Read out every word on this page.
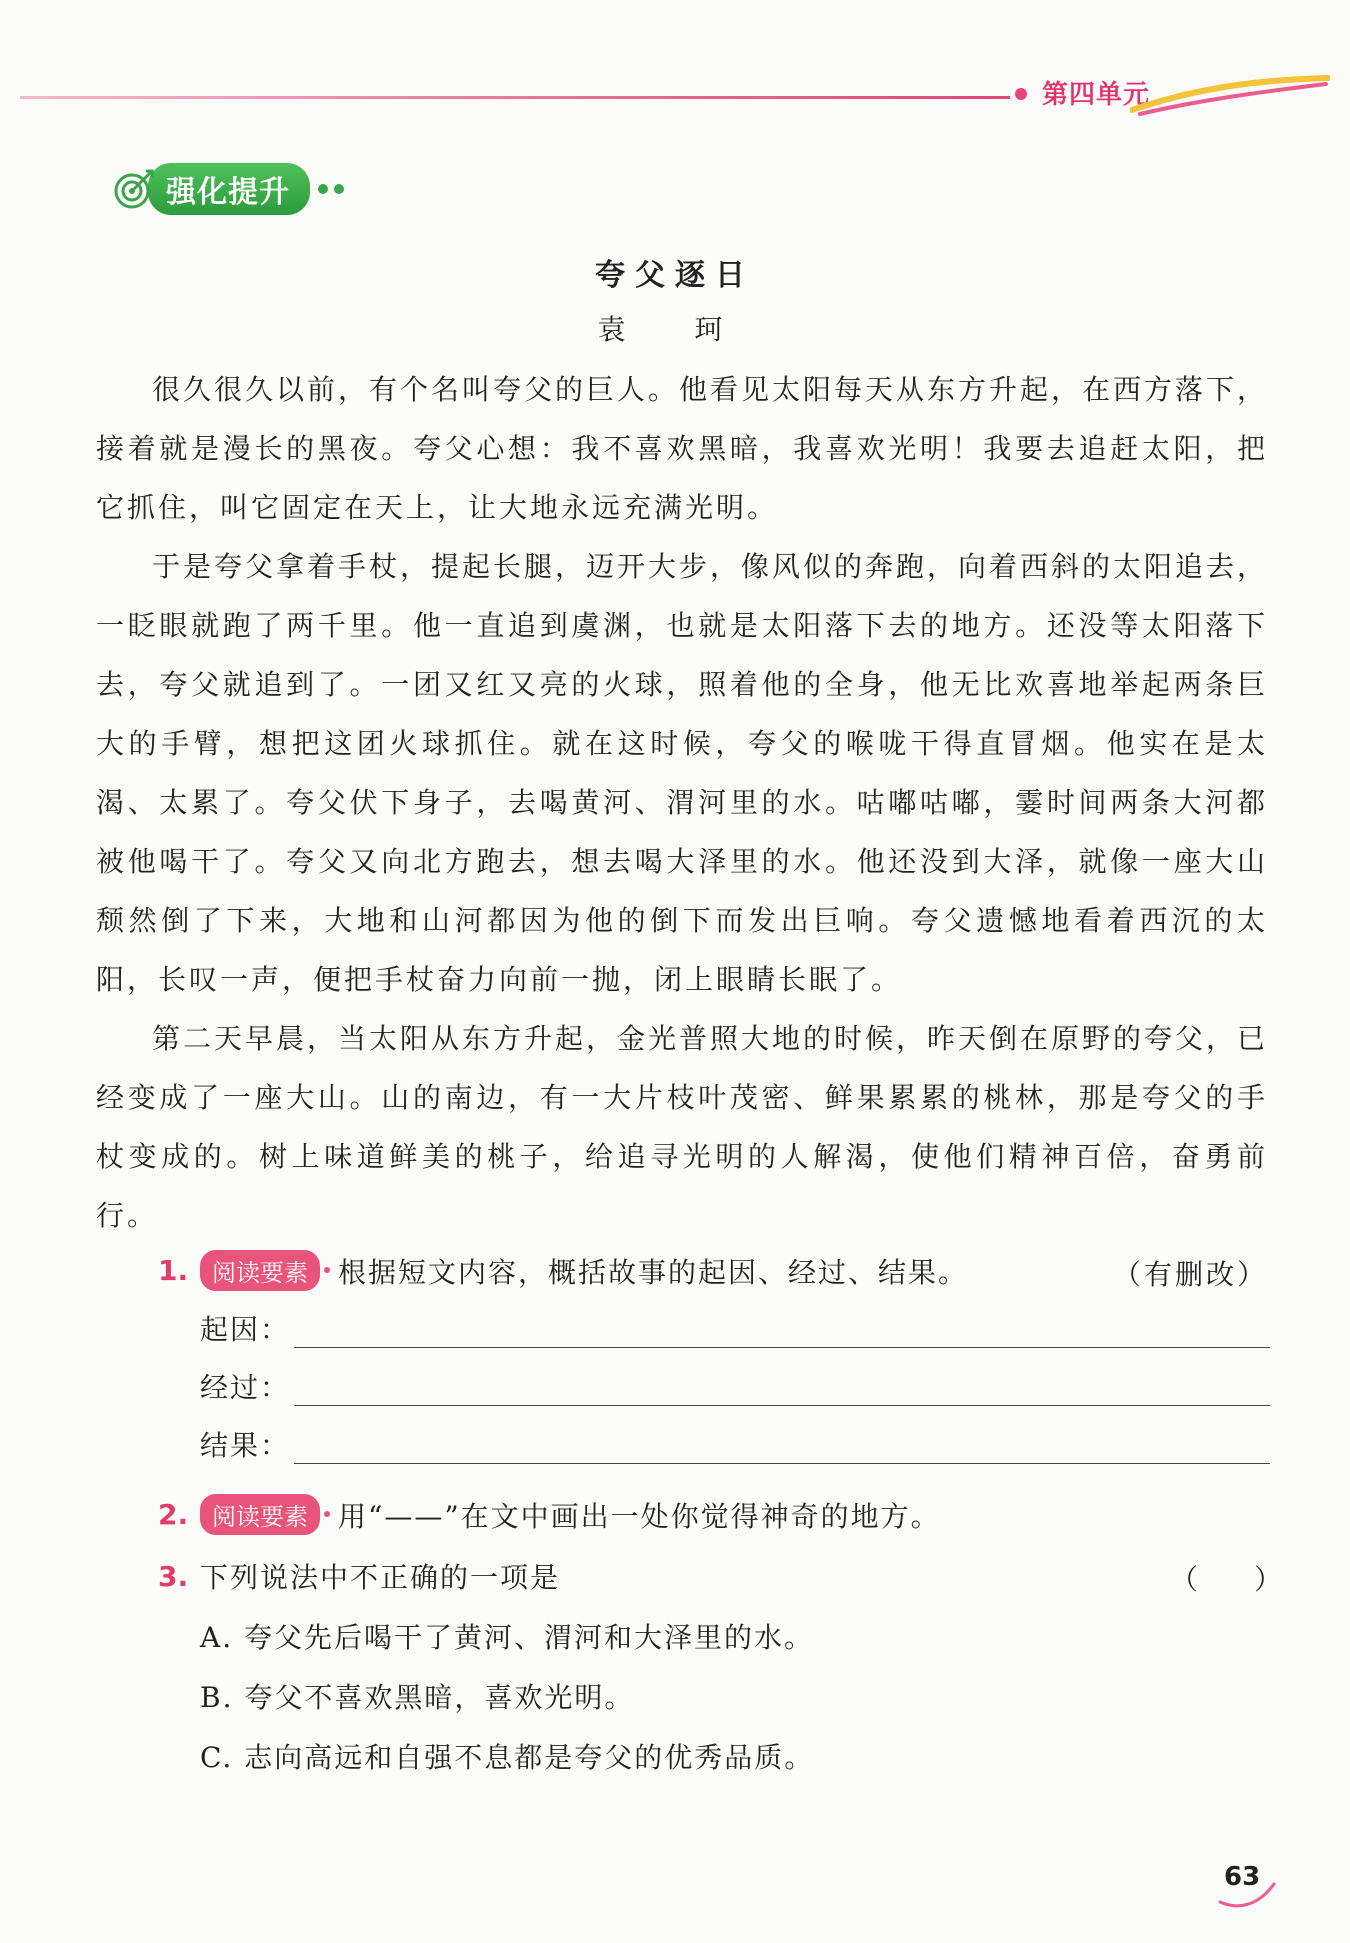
第四单元
强化提升
夸父逐日
袁 珂

很久很久以前，有个名叫夸父的巨人。他看见太阳每天从东方升起，在西方落下，接着就是漫长的黑夜。夸父心想：我不喜欢黑暗，我喜欢光明！我要去追赶太阳，把它抓住，叫它固定在天上，让大地永远充满光明。

于是夸父拿着手杖，提起长腿，迈开大步，像风似的奔跑，向着西斜的太阳追去，一眨眼就跑了两千里。他一直追到虞渊，也就是太阳落下去的地方。还没等太阳落下去，夸父就追到了。一团又红又亮的火球，照着他的全身，他无比欢喜地举起两条巨大的手臂，想把这团火球抓住。就在这时候，夸父的喉咙干得直冒烟。他实在是太渴、太累了。夸父伏下身子，去喝黄河、渭河里的水。咕嘟咕嘟，霎时间两条大河都被他喝干了。夸父又向北方跑去，想去喝大泽里的水。他还没到大泽，就像一座大山颓然倒了下来，大地和山河都因为他的倒下而发出巨响。夸父遗憾地看着西沉的太阳，长叹一声，便把手杖奋力向前一抛，闭上眼睛长眠了。

第二天早晨，当太阳从东方升起，金光普照大地的时候，昨天倒在原野的夸父，已经变成了一座大山。山的南边，有一大片枝叶茂密、鲜果累累的桃林，那是夸父的手杖变成的。树上味道鲜美的桃子，给追寻光明的人解渴，使他们精神百倍，奋勇前行。

（有删改）
1. 阅读要素	根据短文内容，概括故事的起因、经过、结果。
起因：
经过：
结果：
2. 阅读要素	用“——”在文中画出一处你觉得神奇的地方。
3. 下列说法中不正确的一项是	（　　）
A. 夸父先后喝干了黄河、渭河和大泽里的水。
B. 夸父不喜欢黑暗，喜欢光明。
C. 志向高远和自强不息都是夸父的优秀品质。
63
